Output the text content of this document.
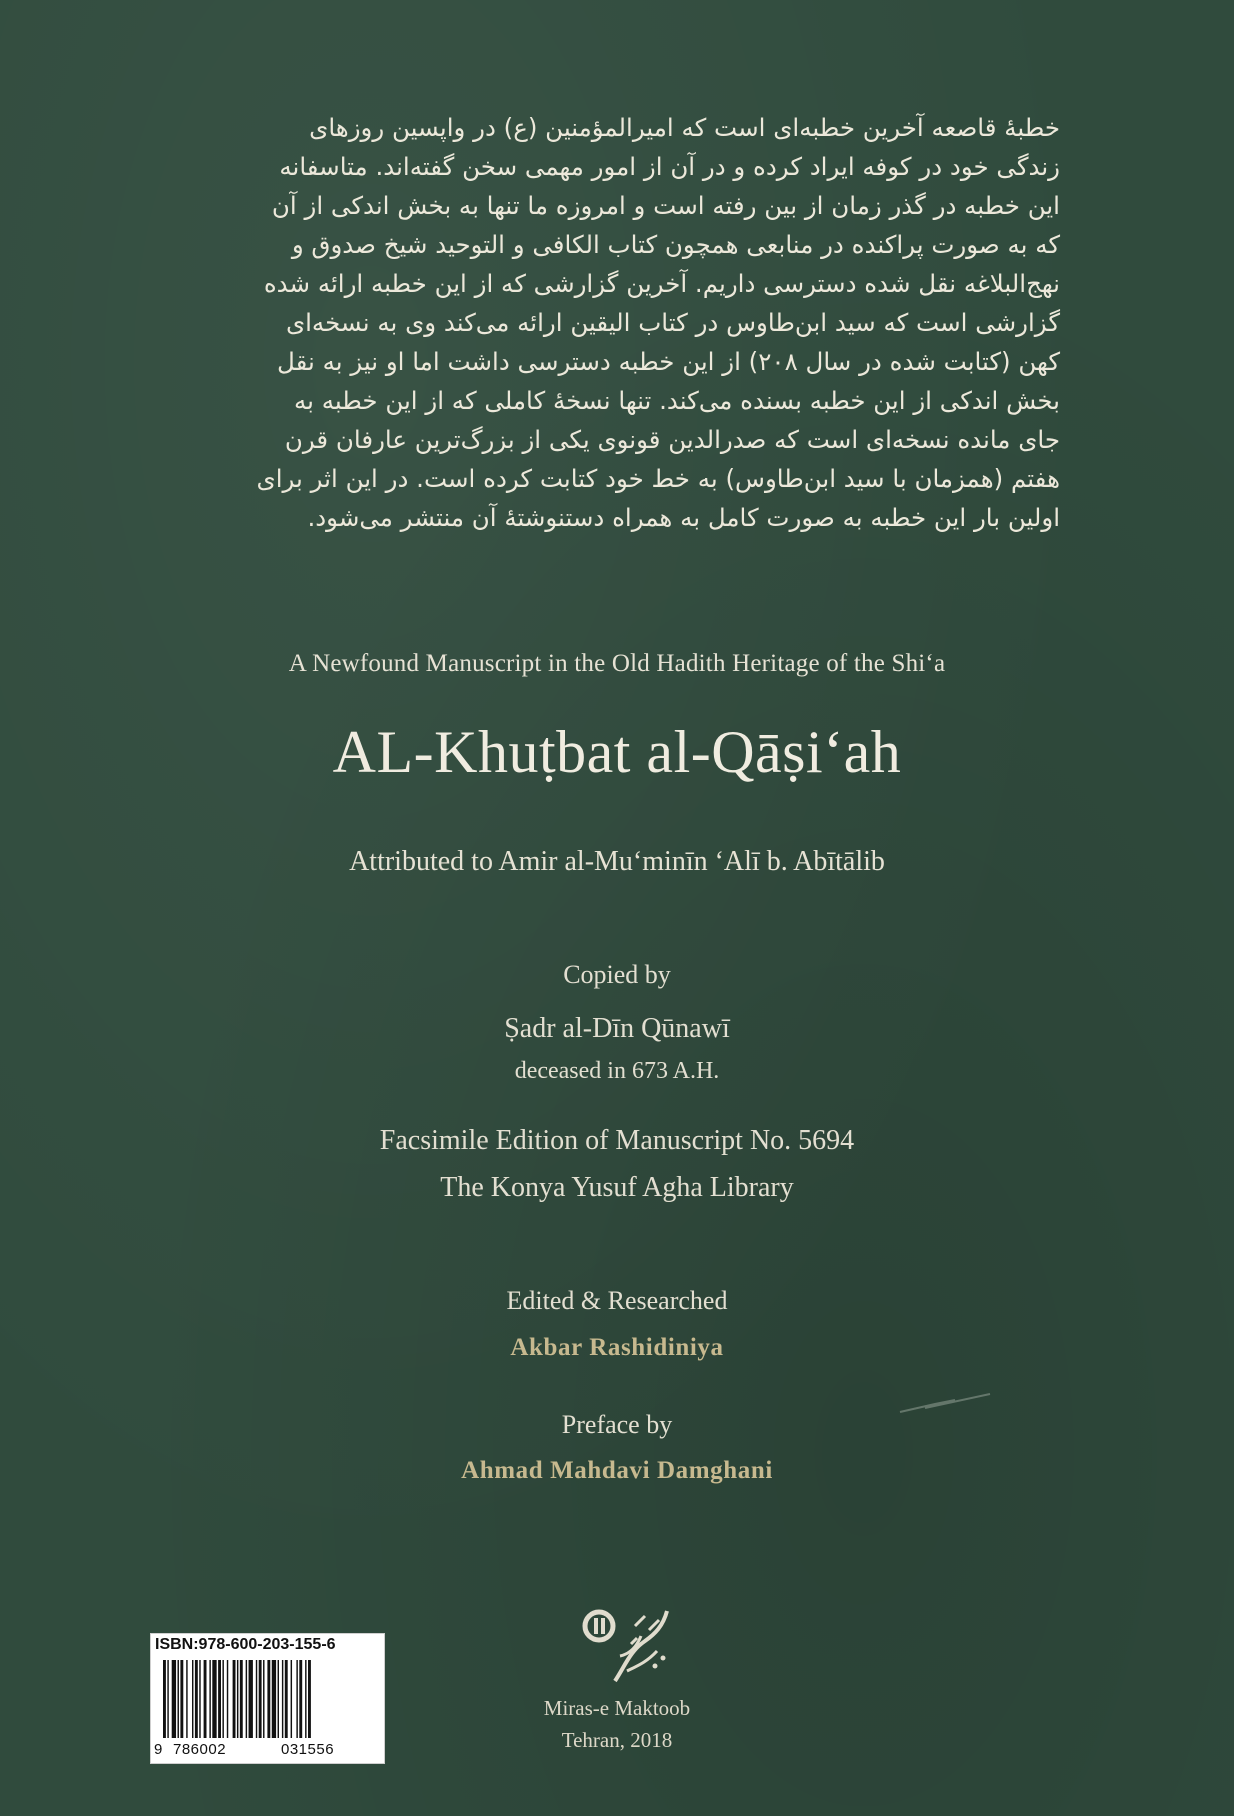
خطبهٔ قاصعه آخرین خطبه‌ای است که امیرالمؤمنین (ع) در واپسین روزهای

زندگی خود در کوفه ایراد کرده و در آن از امور مهمی سخن گفته‌اند. متاسفانه

این خطبه در گذر زمان از بین رفته است و امروزه ما تنها به بخش اندکی از آن

که به صورت پراکنده در منابعی همچون کتاب الکافی و التوحید شیخ صدوق و

نهج‌البلاغه نقل شده دسترسی داریم. آخرین گزارشی که از این خطبه ارائه شده

گزارشی است که سید ابن‌طاوس در کتاب الیقین ارائه می‌کند وی به نسخه‌ای

کهن (کتابت شده در سال ۲۰۸) از این خطبه دسترسی داشت اما او نیز به نقل

بخش اندکی از این خطبه بسنده می‌کند. تنها نسخهٔ کاملی که از این خطبه به

جای مانده نسخه‌ای است که صدرالدین قونوی یکی از بزرگ‌ترین عارفان قرن

هفتم (همزمان با سید ابن‌طاوس) به خط خود کتابت کرده است. در این اثر برای

اولین بار این خطبه به صورت کامل به همراه دستنوشتهٔ آن منتشر می‌شود.

A Newfound Manuscript in the Old Hadith Heritage of the Shi‘a

AL-Khuṭbat al-Qāṣi‘ah

Attributed to Amir al-Mu‘minīn ‘Alī b. Abītālib

Copied by

Ṣadr al-Dīn Qūnawī

deceased in 673 A.H.

Facsimile Edition of Manuscript No. 5694

The Konya Yusuf Agha Library

Edited & Researched

Akbar Rashidiniya

Preface by

Ahmad Mahdavi Damghani

Miras-e Maktoob

Tehran, 2018

ISBN:978-600-203-155-6
9 786002	031556
